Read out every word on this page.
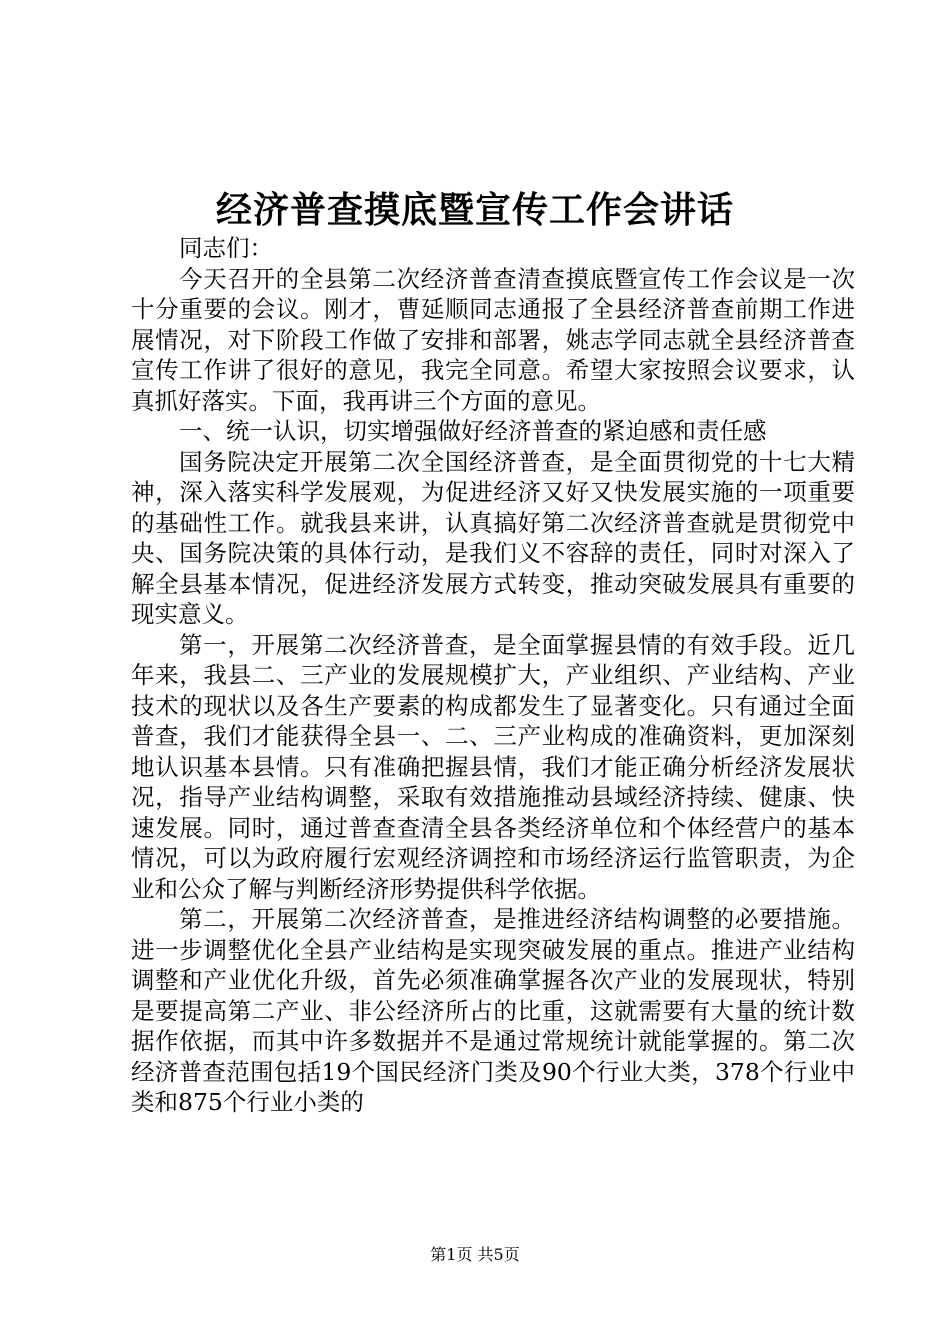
经济普查摸底暨宣传工作会讲话

同志们：

今天召开的全县第二次经济普查清查摸底暨宣传工作会议是一次十分重要的会议。刚才，曹延顺同志通报了全县经济普查前期工作进展情况，对下阶段工作做了安排和部署，姚志学同志就全县经济普查宣传工作讲了很好的意见，我完全同意。希望大家按照会议要求，认真抓好落实。下面，我再讲三个方面的意见。

一、统一认识，切实增强做好经济普查的紧迫感和责任感

国务院决定开展第二次全国经济普查，是全面贯彻党的十七大精神，深入落实科学发展观，为促进经济又好又快发展实施的一项重要的基础性工作。就我县来讲，认真搞好第二次经济普查就是贯彻党中央、国务院决策的具体行动，是我们义不容辞的责任，同时对深入了解全县基本情况，促进经济发展方式转变，推动突破发展具有重要的现实意义。

第一，开展第二次经济普查，是全面掌握县情的有效手段。近几年来，我县二、三产业的发展规模扩大，产业组织、产业结构、产业技术的现状以及各生产要素的构成都发生了显著变化。只有通过全面普查，我们才能获得全县一、二、三产业构成的准确资料，更加深刻地认识基本县情。只有准确把握县情，我们才能正确分析经济发展状况，指导产业结构调整，采取有效措施推动县域经济持续、健康、快速发展。同时，通过普查查清全县各类经济单位和个体经营户的基本情况，可以为政府履行宏观经济调控和市场经济运行监管职责，为企业和公众了解与判断经济形势提供科学依据。

第二，开展第二次经济普查，是推进经济结构调整的必要措施。进一步调整优化全县产业结构是实现突破发展的重点。推进产业结构调整和产业优化升级，首先必须准确掌握各次产业的发展现状，特别是要提高第二产业、非公经济所占的比重，这就需要有大量的统计数据作依据，而其中许多数据并不是通过常规统计就能掌握的。第二次经济普查范围包括19个国民经济门类及90个行业大类，378个行业中类和875个行业小类的

第1页 共5页
